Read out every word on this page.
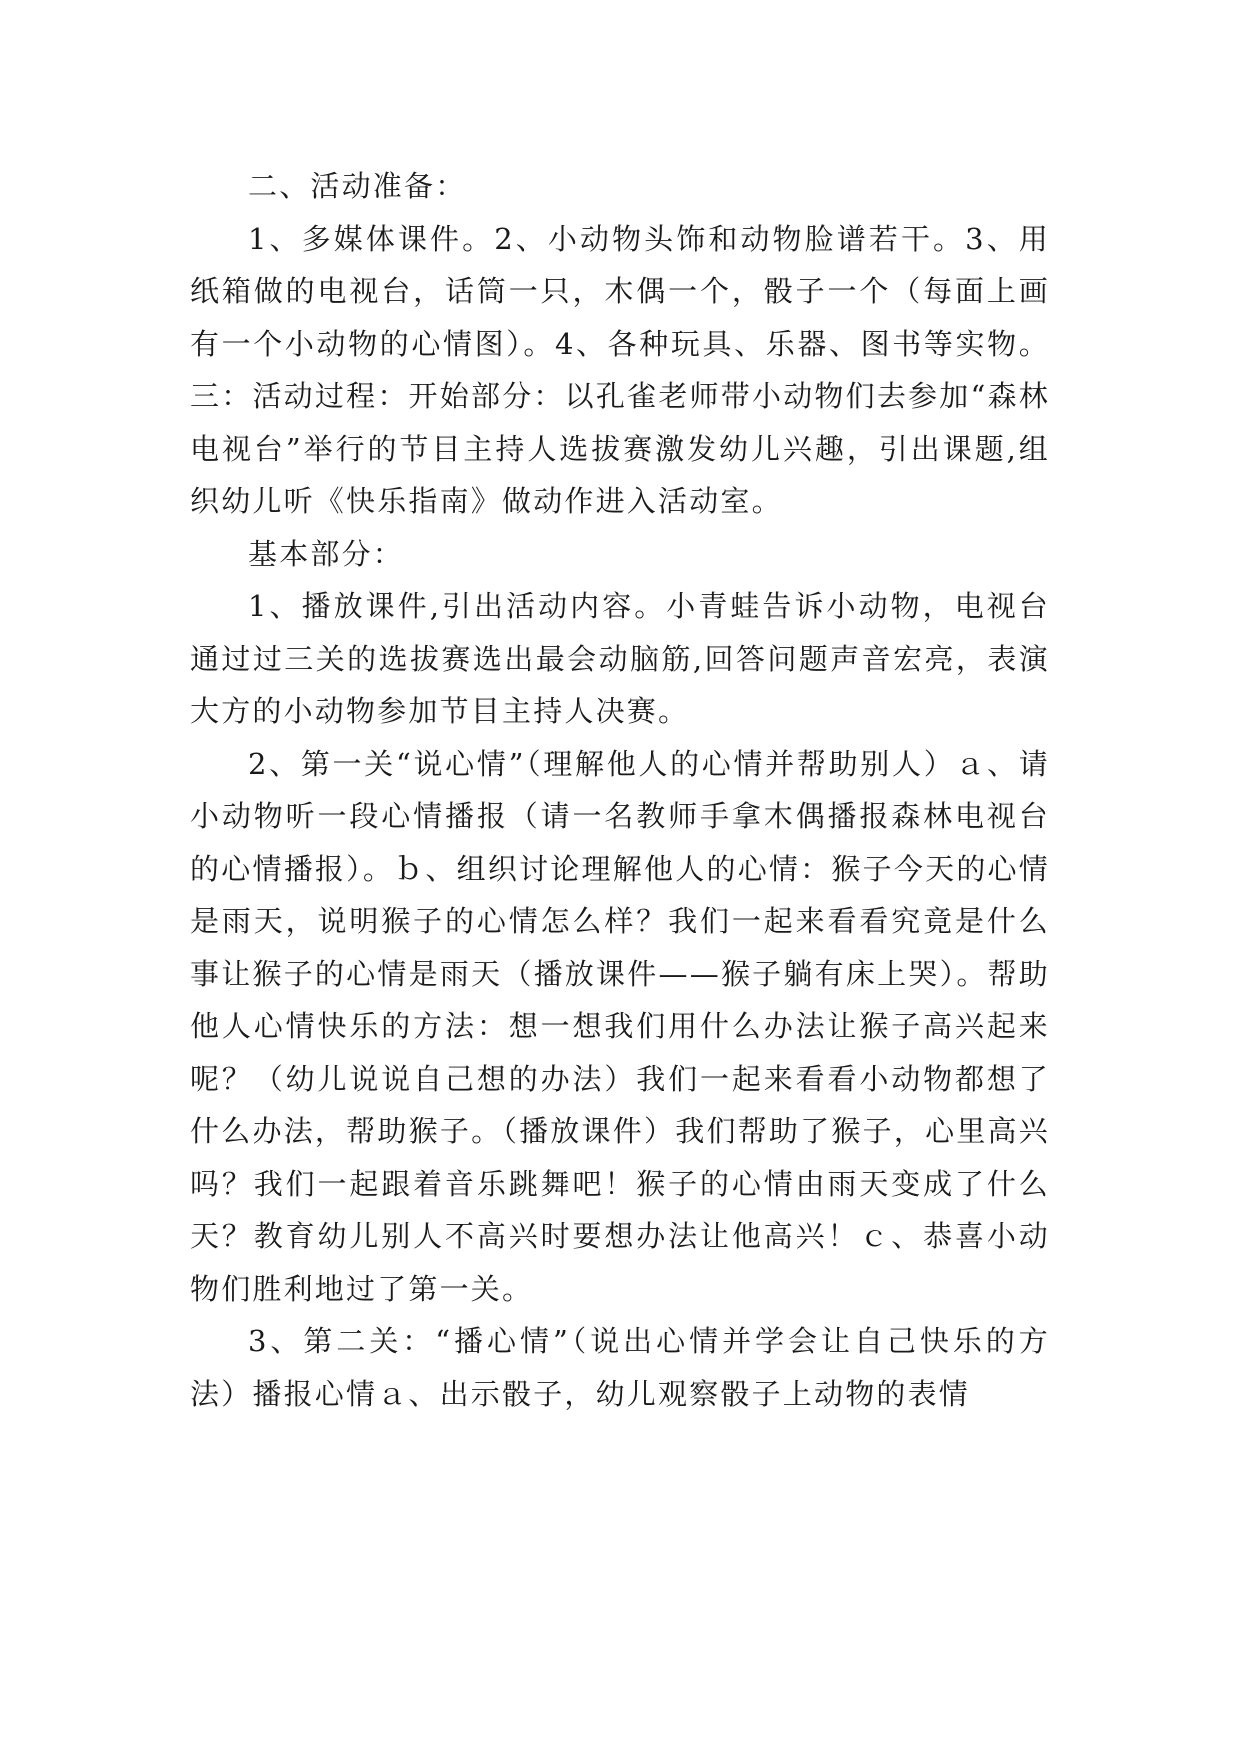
二、活动准备：

1、多媒体课件。2、小动物头饰和动物脸谱若干。3、用纸箱做的电视台，话筒一只，木偶一个，骰子一个（每面上画有一个小动物的心情图）。4、各种玩具、乐器、图书等实物。三：活动过程：开始部分：以孔雀老师带小动物们去参加“森林电视台”举行的节目主持人选拔赛激发幼儿兴趣，引出课题,组织幼儿听《快乐指南》做动作进入活动室。

基本部分：

1、播放课件,引出活动内容。小青蛙告诉小动物，电视台通过过三关的选拔赛选出最会动脑筋,回答问题声音宏亮，表演大方的小动物参加节目主持人决赛。

2、第一关“说心情”（理解他人的心情并帮助别人）ａ、请小动物听一段心情播报（请一名教师手拿木偶播报森林电视台的心情播报）。ｂ、组织讨论理解他人的心情：猴子今天的心情是雨天，说明猴子的心情怎么样？我们一起来看看究竟是什么事让猴子的心情是雨天（播放课件——猴子躺有床上哭）。帮助他人心情快乐的方法：想一想我们用什么办法让猴子高兴起来呢？（幼儿说说自己想的办法）我们一起来看看小动物都想了什么办法，帮助猴子。（播放课件）我们帮助了猴子，心里高兴吗？我们一起跟着音乐跳舞吧！猴子的心情由雨天变成了什么天？教育幼儿别人不高兴时要想办法让他高兴！ｃ、恭喜小动物们胜利地过了第一关。

3、第二关：“播心情”（说出心情并学会让自己快乐的方法）播报心情ａ、出示骰子，幼儿观察骰子上动物的表情
